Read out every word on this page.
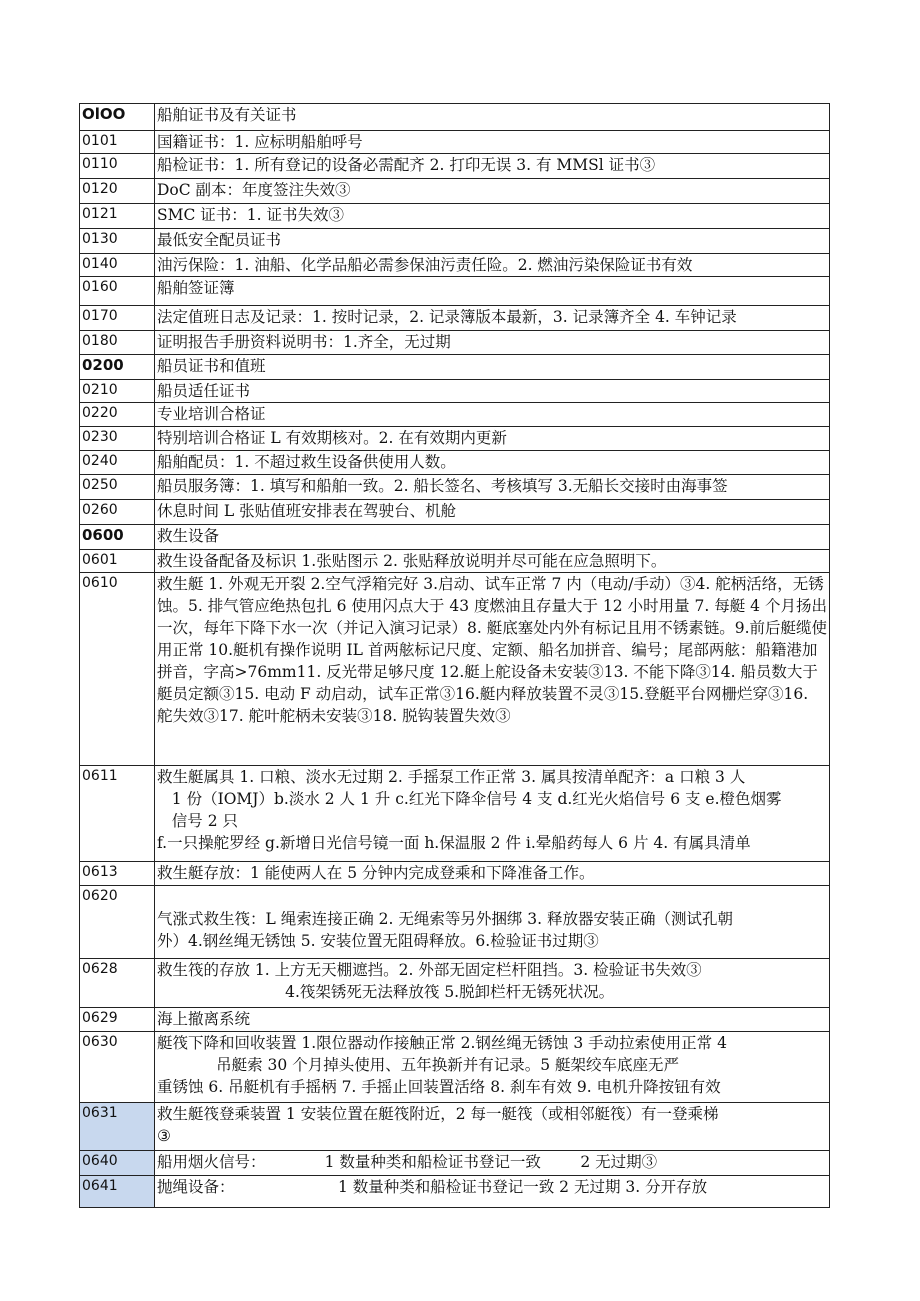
OlOO	船舶证书及有关证书
0101	国籍证书：1. 应标明船舶呼号
0110	船检证书：1. 所有登记的设备必需配齐 2. 打印无误 3. 有 MMSl 证书③
0120	DoC 副本：年度签注失效③
0121	SMC 证书：1. 证书失效③
0130	最低安全配员证书
0140	油污保险：1. 油船、化学品船必需参保油污责任险。2. 燃油污染保险证书有效
0160	船舶签证簿
0170	法定值班日志及记录：1. 按时记录，2. 记录簿版本最新，3. 记录簿齐全 4. 车钟记录
0180	证明报告手册资料说明书：1.齐全，无过期
0200	船员证书和值班
0210	船员适任证书
0220	专业培训合格证
0230	特别培训合格证 L 有效期核对。2. 在有效期内更新
0240	船舶配员：1. 不超过救生设备供使用人数。
0250	船员服务簿：1. 填写和船舶一致。2. 船长签名、考核填写 3.无船长交接时由海事签
0260	休息时间 L 张贴值班安排表在驾驶台、机舱
0600	救生设备
0601	救生设备配备及标识 1.张贴图示 2. 张贴释放说明并尽可能在应急照明下。
0610	救生艇 1. 外观无开裂 2.空气浮箱完好 3.启动、试车正常 7 内（电动/手动）③4. 舵柄活络，无锈蚀。5. 排气管应绝热包扎 6 使用闪点大于 43 度燃油且存量大于 12 小时用量 7. 每艇 4 个月扬出一次，每年下降下水一次（并记入演习记录）8. 艇底塞处内外有标记且用不锈素链。9.前后艇缆使用正常 10.艇机有操作说明 IL 首两舷标记尺度、定额、船名加拼音、编号；尾部两舷：船籍港加拼音，字高>76mm11. 反光带足够尺度 12.艇上舵设备未安装③13. 不能下降③14. 船员数大于艇员定额③15. 电动 F 动启动，试车正常③16.艇内释放装置不灵③15.登艇平台网栅烂穿③16. 舵失效③17. 舵叶舵柄未安装③18. 脱钩装置失效③
0611	救生艇属具 1. 口粮、淡水无过期 2. 手摇泵工作正常 3. 属具按清单配齐：a 口粮 3 人
1 份（IOMJ）b.淡水 2 人 1 升 c.红光下降伞信号 4 支 d.红光火焰信号 6 支 e.橙色烟雾
信号 2 只
f.一只操舵罗经 g.新增日光信号镜一面 h.保温服 2 件 i.晕船药每人 6 片 4. 有属具清单

0613	救生艇存放：1 能使两人在 5 分钟内完成登乘和下降准备工作。
0620	气涨式救生筏：L 绳索连接正确 2. 无绳索等另外捆绑 3. 释放器安装正确（测试孔朝
外）4.钢丝绳无锈蚀 5. 安装位置无阻碍释放。6.检验证书过期③

0628	救生筏的存放 1. 上方无天棚遮挡。2. 外部无固定栏杆阻挡。3. 检验证书失效③
4.筏架锈死无法释放筏 5.脱卸栏杆无锈死状况。

0629	海上撤离系统
0630	艇筏下降和回收装置 1.限位器动作接触正常 2.钢丝绳无锈蚀 3 手动拉索使用正常 4
吊艇索 30 个月掉头使用、五年换新并有记录。5 艇架绞车底座无严
重锈蚀 6. 吊艇机有手摇柄 7. 手摇止回装置活络 8. 刹车有效 9. 电机升降按钮有效

0631	救生艇筏登乘装置 1 安装位置在艇筏附近，2 每一艇筏（或相邻艇筏）有一登乘梯
③

0640	船用烟火信号：            1 数量种类和船检证书登记一致        2 无过期③
0641	抛绳设备：                     1 数量种类和船检证书登记一致 2 无过期 3. 分开存放
